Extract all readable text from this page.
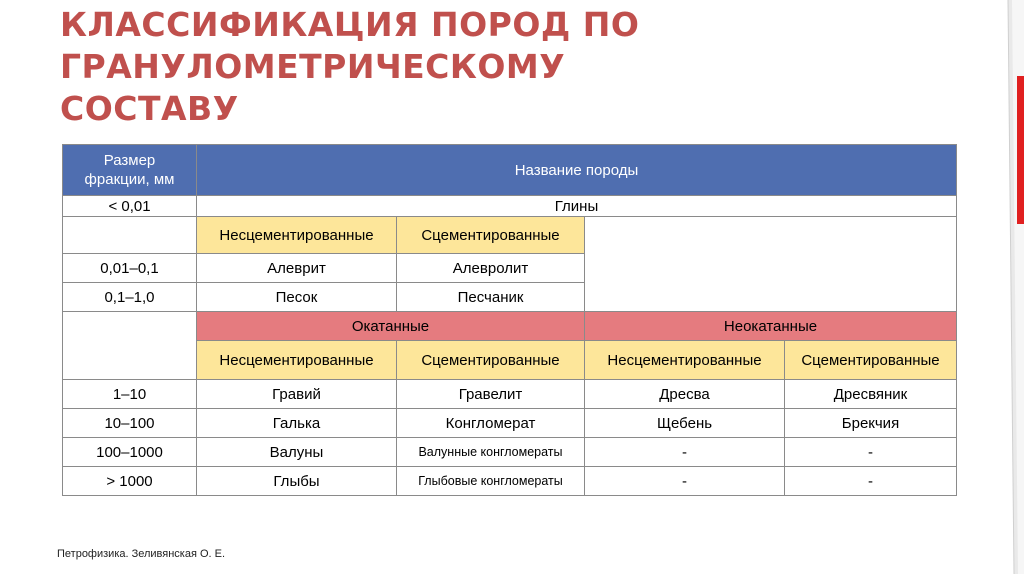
КЛАССИФИКАЦИЯ ПОРОД ПО
ГРАНУЛОМЕТРИЧЕСКОМУ
СОСТАВУ
Размер
фракции, мм	Название породы			
< 0,01	Глины			
	Несцементированные	Сцементированные		
0,01–0,1	Алеврит	Алевролит		
0,1–1,0	Песок	Песчаник		
	Окатанные		Неокатанные	
	Несцементированные	Сцементированные	Несцементированные	Сцементированные
1–10	Гравий	Гравелит	Дресва	Дресвяник
10–100	Галька	Конгломерат	Щебень	Брекчия
100–1000	Валуны	Валунные конгломераты	-	-
˃ 1000	Глыбы	Глыбовые конгломераты	-	-
Петрофизика. Зеливянская О. Е.
